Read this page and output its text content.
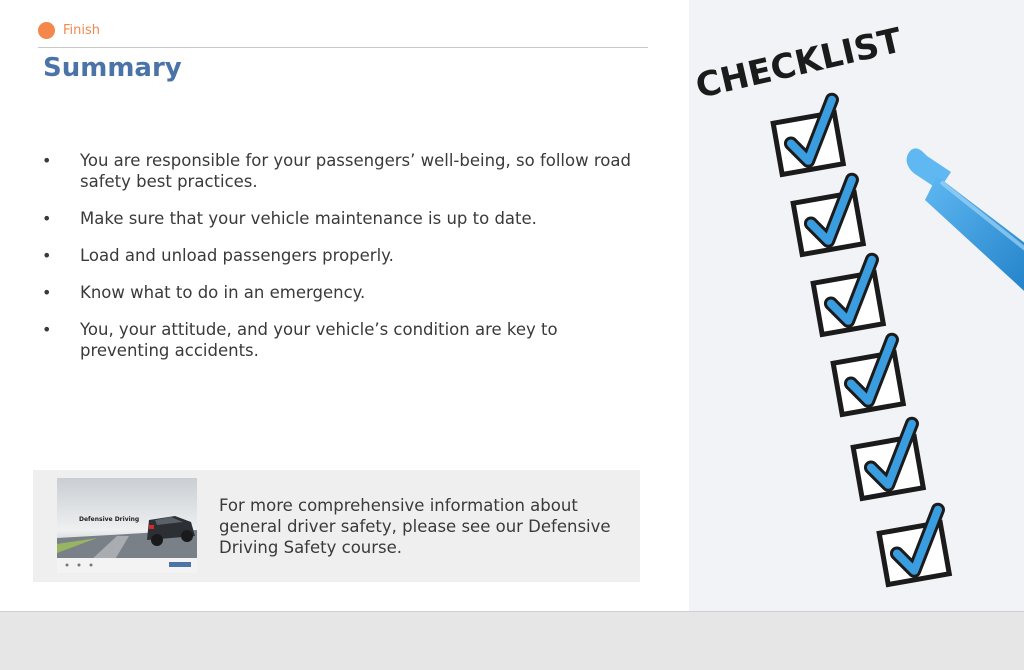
Finish
Summary
• You are responsible for your passengers’ well-being, so follow road safety best practices.
• Make sure that your vehicle maintenance is up to date.
• Load and unload passengers properly.
• Know what to do in an emergency.
• You, your attitude, and your vehicle’s condition are key to preventing accidents.
Defensive Driving
For more comprehensive information about general driver safety, please see our Defensive Driving Safety course.
CHECKLIST
